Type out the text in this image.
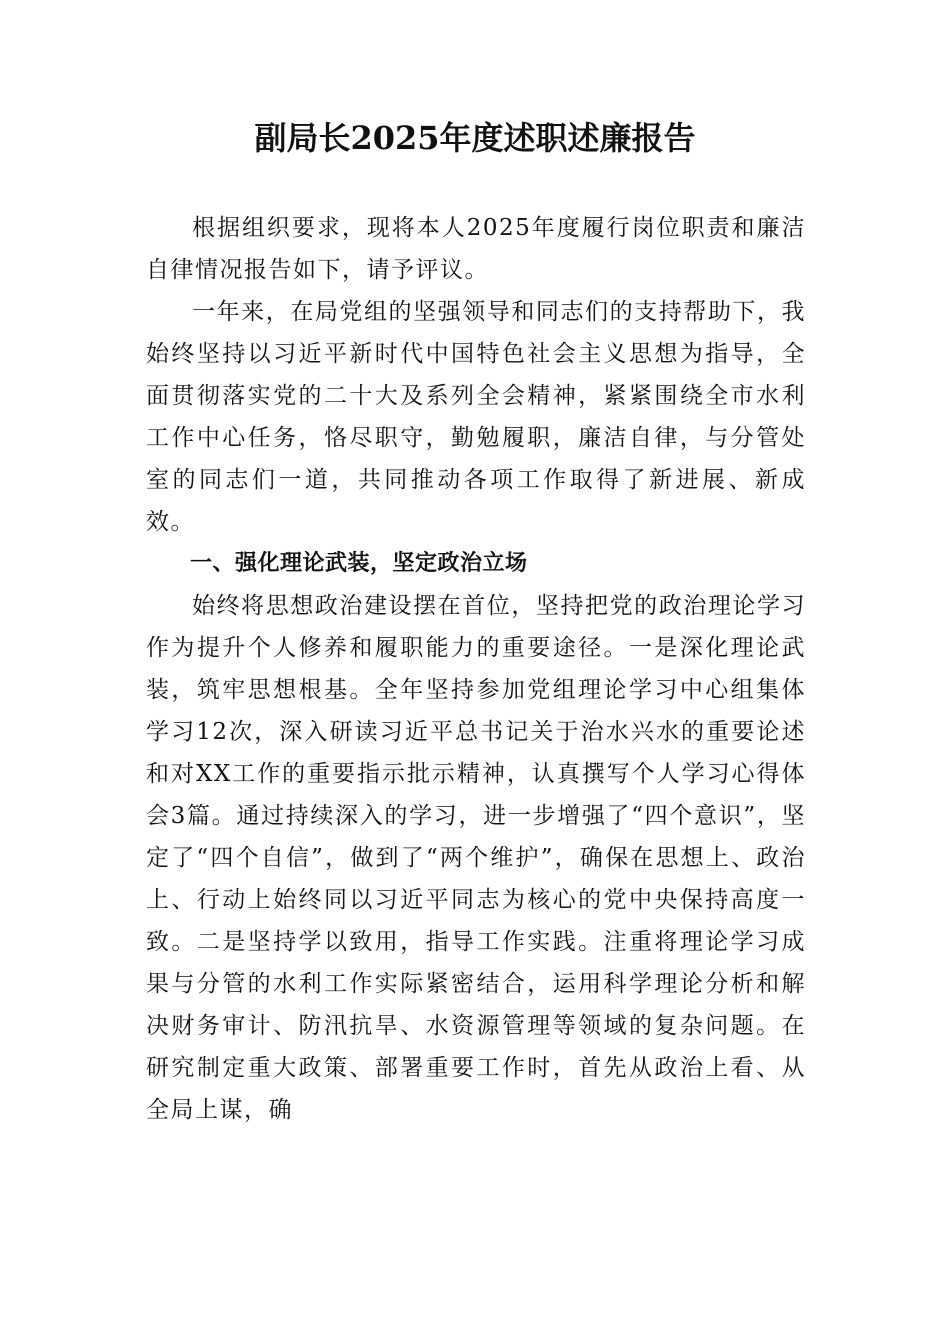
副局长2025年度述职述廉报告

根据组织要求，现将本人2025年度履行岗位职责和廉洁自律情况报告如下，请予评议。

一年来，在局党组的坚强领导和同志们的支持帮助下，我始终坚持以习近平新时代中国特色社会主义思想为指导，全面贯彻落实党的二十大及系列全会精神，紧紧围绕全市水利工作中心任务，恪尽职守，勤勉履职，廉洁自律，与分管处室的同志们一道，共同推动各项工作取得了新进展、新成效。

一、强化理论武装，坚定政治立场

始终将思想政治建设摆在首位，坚持把党的政治理论学习作为提升个人修养和履职能力的重要途径。一是深化理论武装，筑牢思想根基。全年坚持参加党组理论学习中心组集体学习12次，深入研读习近平总书记关于治水兴水的重要论述和对XX工作的重要指示批示精神，认真撰写个人学习心得体会3篇。通过持续深入的学习，进一步增强了“四个意识”，坚定了“四个自信”，做到了“两个维护”，确保在思想上、政治上、行动上始终同以习近平同志为核心的党中央保持高度一致。二是坚持学以致用，指导工作实践。注重将理论学习成果与分管的水利工作实际紧密结合，运用科学理论分析和解决财务审计、防汛抗旱、水资源管理等领域的复杂问题。在研究制定重大政策、部署重要工作时，首先从政治上看、从全局上谋，确
